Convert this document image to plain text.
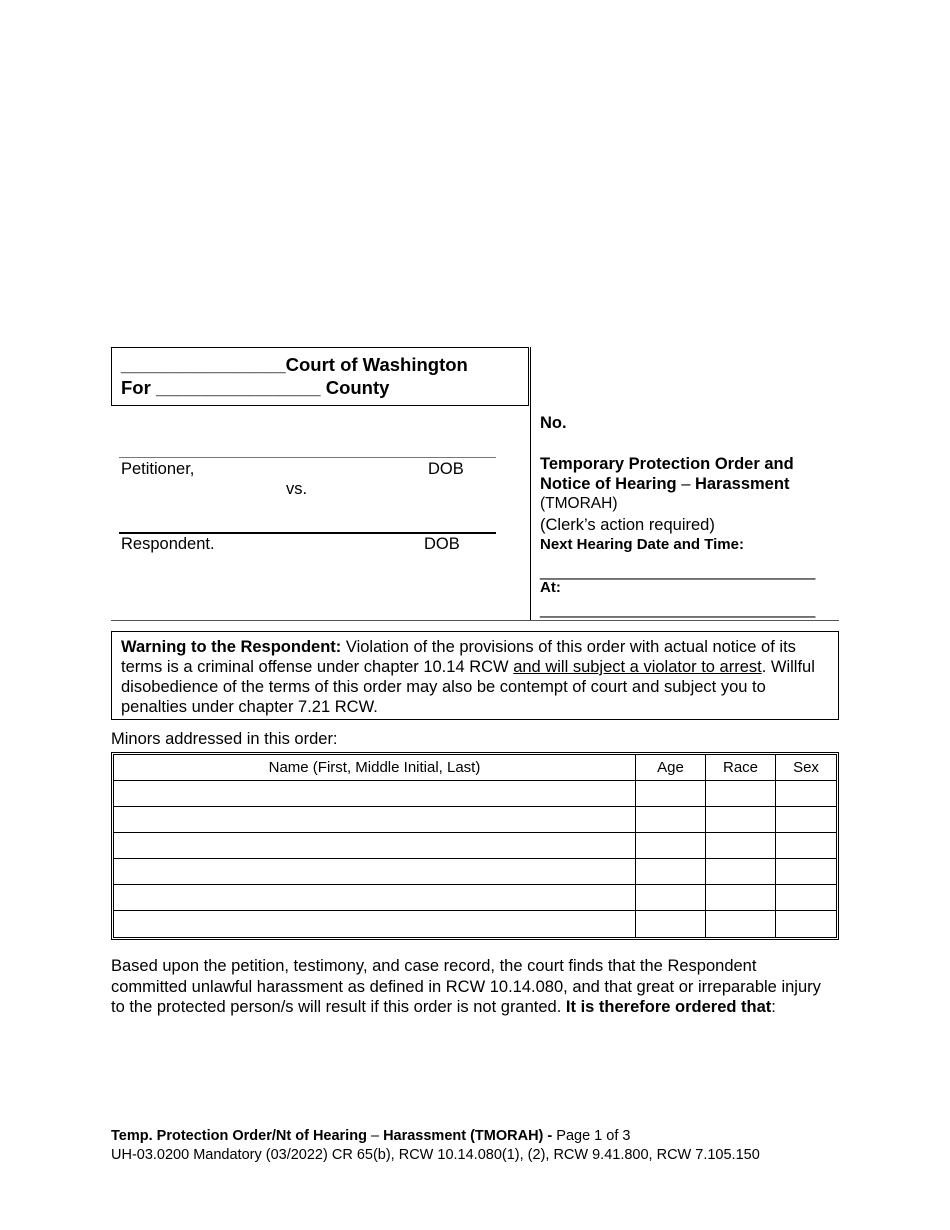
________________Court of Washington
For ________________ County
Petitioner,	DOB
vs.
Respondent.	DOB
No.
Temporary Protection Order and
Notice of Hearing – Harassment
(TMORAH)
(Clerk’s action required)
Next Hearing Date and Time:
______________________________
At:
______________________________
Warning to the Respondent: Violation of the provisions of this order with actual notice of its terms is a criminal offense under chapter 10.14 RCW and will subject a violator to arrest. Willful disobedience of the terms of this order may also be contempt of court and subject you to penalties under chapter 7.21 RCW.
Minors addressed in this order:
Name (First, Middle Initial, Last)	Age	Race	Sex

Based upon the petition, testimony, and case record, the court finds that the Respondent committed unlawful harassment as defined in RCW 10.14.080, and that great or irreparable injury to the protected person/s will result if this order is not granted. It is therefore ordered that:
Temp. Protection Order/Nt of Hearing – Harassment (TMORAH) - Page 1 of 3
UH-03.0200 Mandatory (03/2022) CR 65(b), RCW 10.14.080(1), (2), RCW 9.41.800, RCW 7.105.150
